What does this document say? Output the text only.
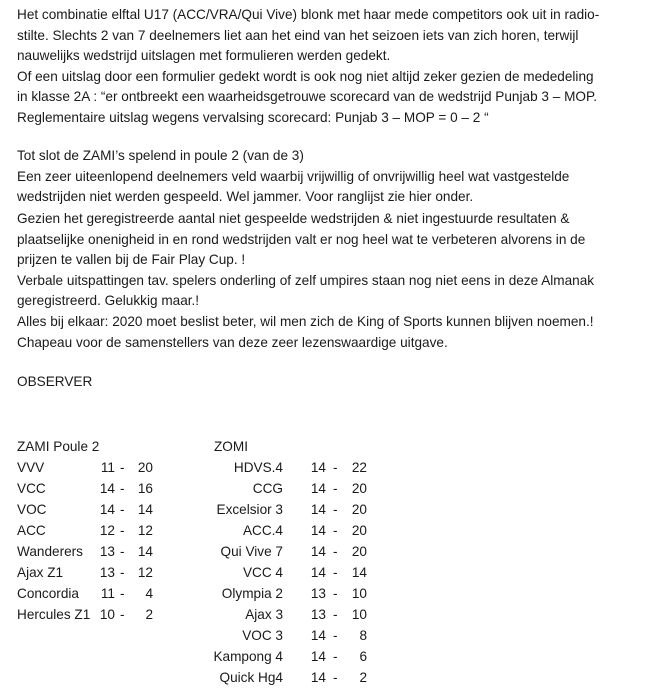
Het combinatie elftal U17 (ACC/VRA/Qui Vive) blonk met haar mede competitors ook uit in radio-
stilte. Slechts 2 van 7 deelnemers liet aan het eind van het seizoen iets van zich horen, terwijl
nauwelijks wedstrijd uitslagen met formulieren werden gedekt.
Of een uitslag door een formulier gedekt wordt is ook nog niet altijd zeker gezien de mededeling
in klasse 2A : “er ontbreekt een waarheidsgetrouwe scorecard van de wedstrijd Punjab 3 – MOP.
Reglementaire uitslag wegens vervalsing scorecard: Punjab 3 – MOP = 0 – 2 “
Tot slot de ZAMI’s spelend in poule 2 (van de 3)
Een zeer uiteenlopend deelnemers veld waarbij vrijwillig of onvrijwillig heel wat vastgestelde
wedstrijden niet werden gespeeld. Wel jammer. Voor ranglijst zie hier onder.
Gezien het geregistreerde aantal niet gespeelde wedstrijden & niet ingestuurde resultaten &
plaatselijke onenigheid in en rond wedstrijden valt er nog heel wat te verbeteren alvorens in de
prijzen te vallen bij de Fair Play Cup. !
Verbale uitspattingen tav. spelers onderling of zelf umpires staan nog niet eens in deze Almanak
geregistreerd. Gelukkig maar.!
Alles bij elkaar: 2020 moet beslist beter, wil men zich de King of Sports kunnen blijven noemen.!
Chapeau voor de samenstellers van deze zeer lezenswaardige uitgave.
OBSERVER
ZAMI Poule 2
VVV	11 - 20
VCC	14 - 16
VOC	14 - 14
ACC	12 - 12
Wanderers	13 - 14
Ajax Z1	13 - 12
Concordia	11 -	4
Hercules Z1 10 -	2
ZOMI
HDVS.4	14 -	22
CCG	14 -	20
Excelsior 3	14 -	20
ACC.4	14 -	20
Qui Vive 7	14 -	20
VCC 4	14 -	14
Olympia 2	13 -	10
Ajax 3	13 -	10
VOC 3	14 -	8
Kampong 4	14 -	6
Quick Hg4	14 -	2
